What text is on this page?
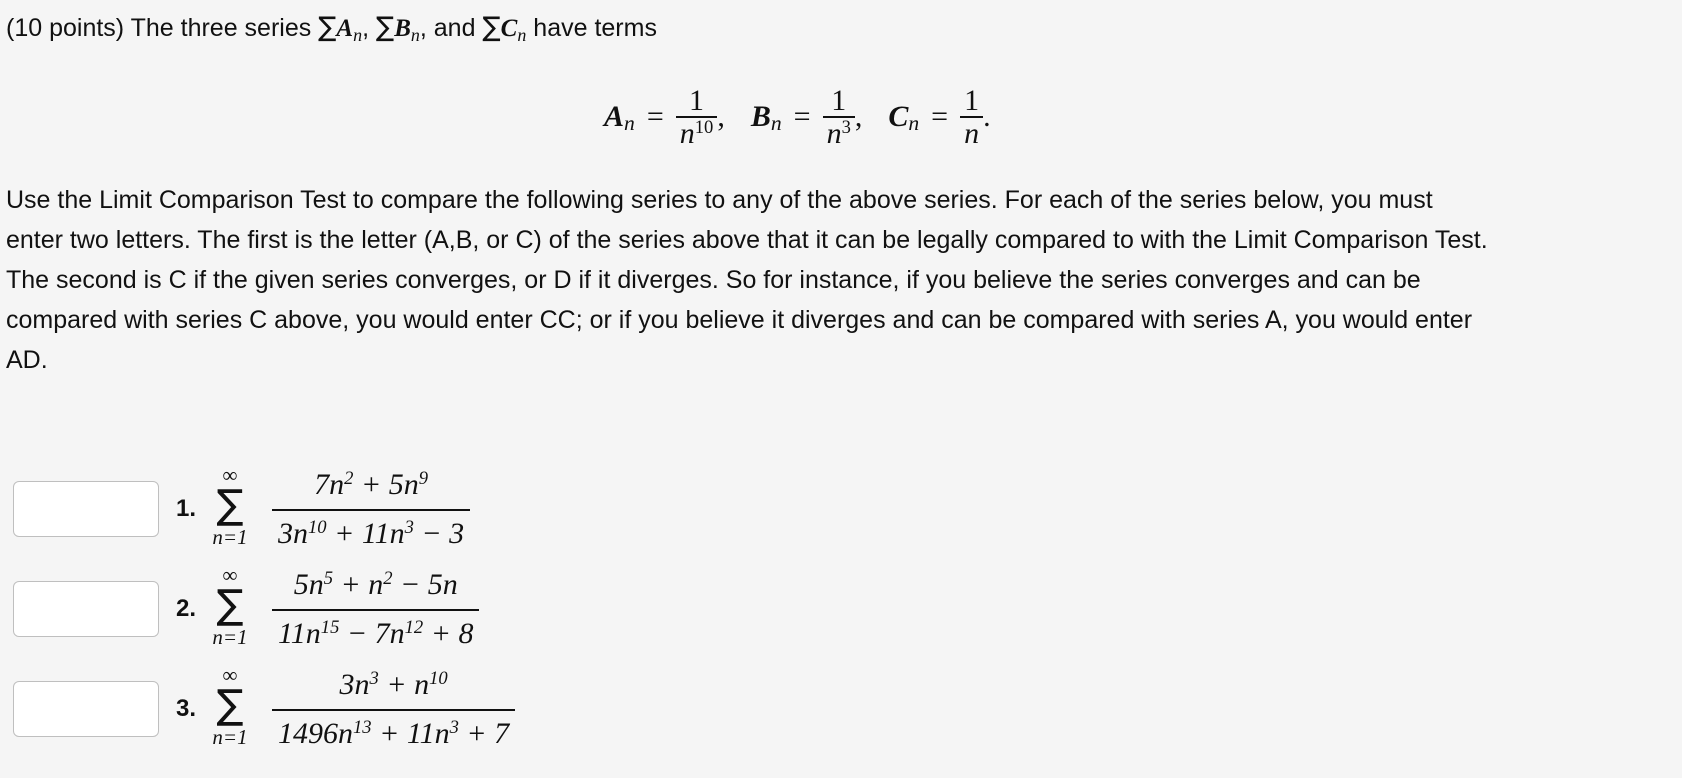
(10 points) The three series $\sum A_n$, $\sum B_n$, and $\sum C_n$ have terms
A $n = \frac{1}{n^{10}}$ , B $n = \frac{1}{n^3}$ , C $n = \frac{1}{n}$ .
Use the Limit Comparison Test to compare the following series to any of the above series. For each of the series below, you must
enter two letters. The first is the letter (A,B, or C) of the series above that it can be legally compared to with the Limit Comparison Test.
The second is C if the given series converges, or D if it diverges. So for instance, if you believe the series converges and can be
compared with series C above, you would enter CC; or if you believe it diverges and can be compared with series A, you would enter
AD.
1.
∞
∑
$n=1 \frac{7n^2 + 5n^9}{3n^{10} + 11n^3 - 3}$
2.
∞
∑
$n=1 \frac{5n^5 + n^2 - 5n}{11n^{15} - 7n^{12} + 8}$
3.
∞
∑
$n=1 \frac{3n^3 + n^{10}}{1496n^{13} + 11n^3 + 7}$
